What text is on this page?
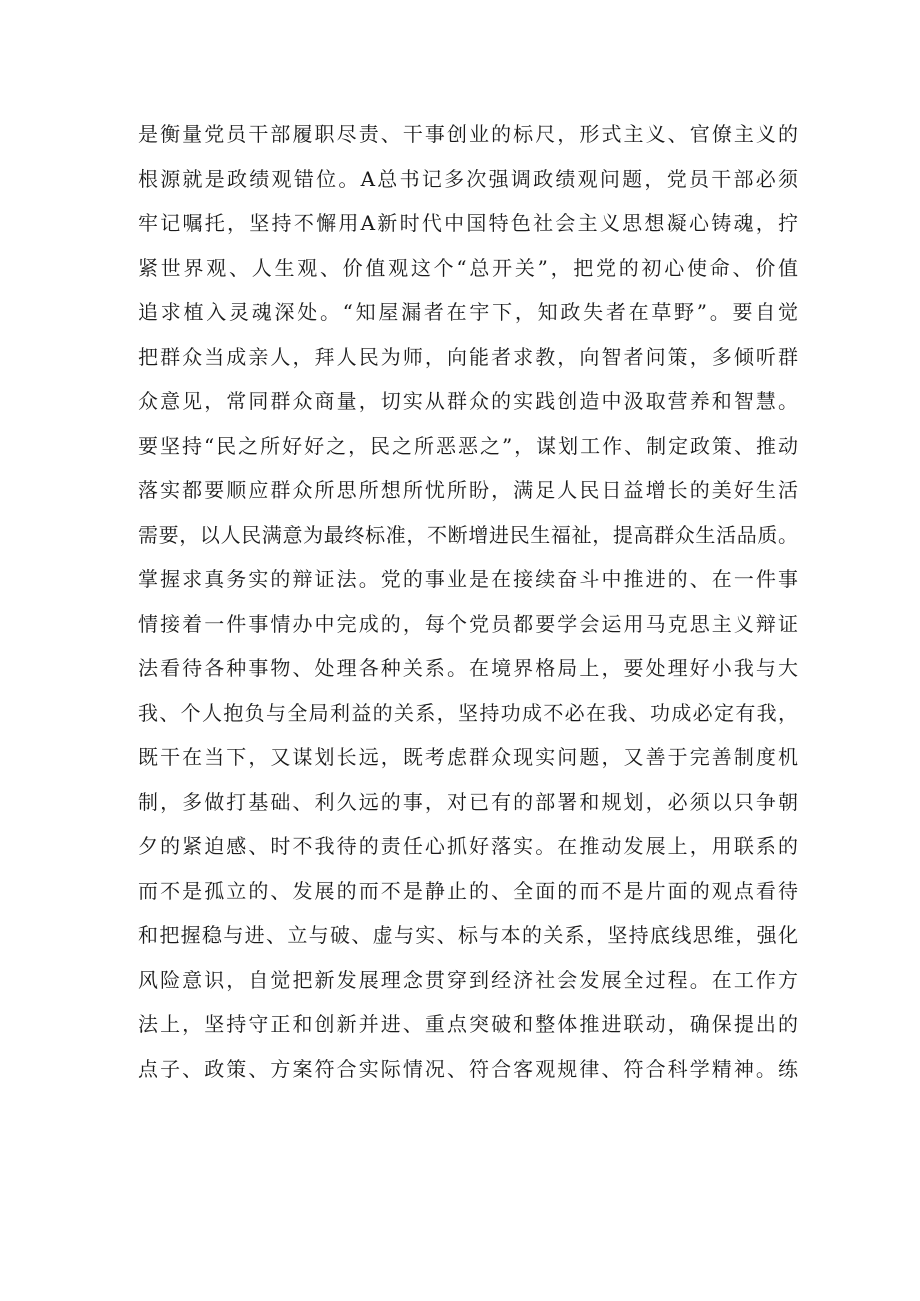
是衡量党员干部履职尽责、干事创业的标尺，形式主义、官僚主义的
根源就是政绩观错位。A总书记多次强调政绩观问题，党员干部必须
牢记嘱托，坚持不懈用A新时代中国特色社会主义思想凝心铸魂，拧
紧世界观、人生观、价值观这个“总开关”，把党的初心使命、价值
追求植入灵魂深处。“知屋漏者在宇下，知政失者在草野”。要自觉
把群众当成亲人，拜人民为师，向能者求教，向智者问策，多倾听群
众意见，常同群众商量，切实从群众的实践创造中汲取营养和智慧。
要坚持“民之所好好之，民之所恶恶之”，谋划工作、制定政策、推动
落实都要顺应群众所思所想所忧所盼，满足人民日益增长的美好生活
需要，以人民满意为最终标准，不断增进民生福祉，提高群众生活品质。
掌握求真务实的辩证法。党的事业是在接续奋斗中推进的、在一件事
情接着一件事情办中完成的，每个党员都要学会运用马克思主义辩证
法看待各种事物、处理各种关系。在境界格局上，要处理好小我与大
我、个人抱负与全局利益的关系，坚持功成不必在我、功成必定有我，
既干在当下，又谋划长远，既考虑群众现实问题，又善于完善制度机
制，多做打基础、利久远的事，对已有的部署和规划，必须以只争朝
夕的紧迫感、时不我待的责任心抓好落实。在推动发展上，用联系的
而不是孤立的、发展的而不是静止的、全面的而不是片面的观点看待
和把握稳与进、立与破、虚与实、标与本的关系，坚持底线思维，强化
风险意识，自觉把新发展理念贯穿到经济社会发展全过程。在工作方
法上，坚持守正和创新并进、重点突破和整体推进联动，确保提出的
点子、政策、方案符合实际情况、符合客观规律、符合科学精神。练
